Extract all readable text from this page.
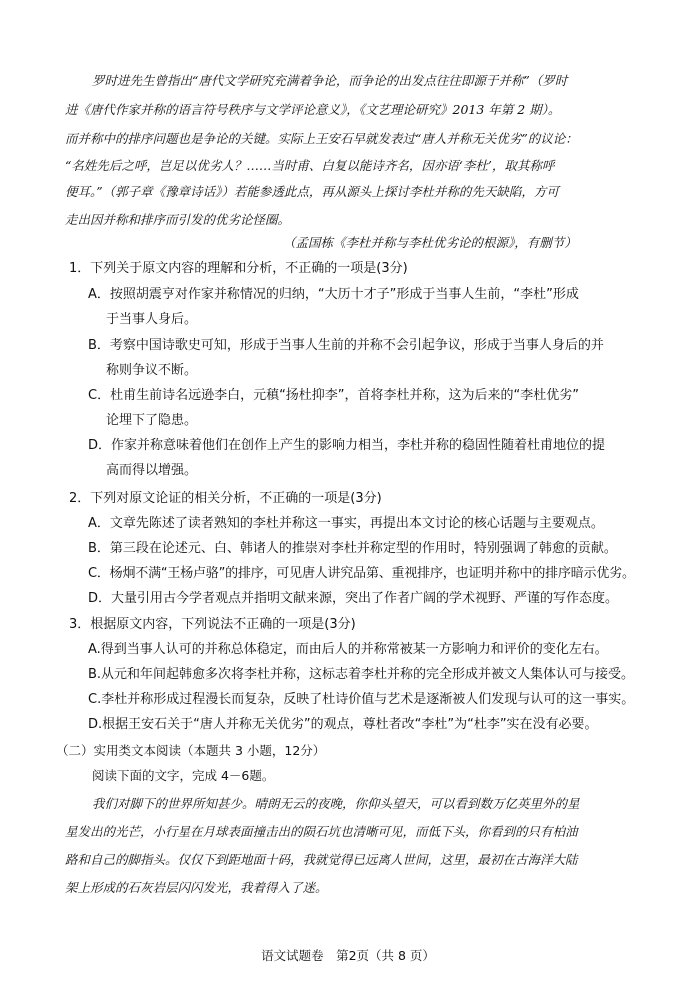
罗时进先生曾指出“唐代文学研究充满着争论，而争论的出发点往往即源于并称”（罗时
进《唐代作家并称的语言符号秩序与文学评论意义》，《文艺理论研究》2013 年第 2 期）。
而并称中的排序问题也是争论的关键。实际上王安石早就发表过“唐人并称无关优劣”的议论：
“名姓先后之呼，岂足以优劣人？……当时甫、白复以能诗齐名，因亦语‘李杜’，取其称呼
便耳。”（郭子章《豫章诗话》）若能参透此点，再从源头上探讨李杜并称的先天缺陷，方可
走出因并称和排序而引发的优劣论怪圈。
（孟国栋《李杜并称与李杜优劣论的根源》，有删节）
1．下列关于原文内容的理解和分析，不正确的一项是(3分)
A．按照胡震亨对作家并称情况的归纳，“大历十才子”形成于当事人生前，“李杜”形成
于当事人身后。
B．考察中国诗歌史可知，形成于当事人生前的并称不会引起争议，形成于当事人身后的并
称则争议不断。
C．杜甫生前诗名远逊李白，元稹“扬杜抑李”，首将李杜并称，这为后来的“李杜优劣”
论埋下了隐患。
D．作家并称意味着他们在创作上产生的影响力相当，李杜并称的稳固性随着杜甫地位的提
高而得以增强。
2．下列对原文论证的相关分析，不正确的一项是(3分)
A．文章先陈述了读者熟知的李杜并称这一事实，再提出本文讨论的核心话题与主要观点。
B．第三段在论述元、白、韩诸人的推崇对李杜并称定型的作用时，特别强调了韩愈的贡献。
C．杨炯不满“王杨卢骆”的排序，可见唐人讲究品第、重视排序，也证明并称中的排序暗示优劣。
D．大量引用古今学者观点并指明文献来源，突出了作者广阔的学术视野、严谨的写作态度。
3．根据原文内容，下列说法不正确的一项是(3分)
A.得到当事人认可的并称总体稳定，而由后人的并称常被某一方影响力和评价的变化左右。
B.从元和年间起韩愈多次将李杜并称，这标志着李杜并称的完全形成并被文人集体认可与接受。
C.李杜并称形成过程漫长而复杂，反映了杜诗价值与艺术是逐渐被人们发现与认可的这一事实。
D.根据王安石关于“唐人并称无关优劣”的观点，尊杜者改“李杜”为“杜李”实在没有必要。
（二）实用类文本阅读（本题共 3 小题，12分）
阅读下面的文字，完成 4－6题。
我们对脚下的世界所知甚少。晴朗无云的夜晚，你仰头望天，可以看到数万亿英里外的星
星发出的光芒，小行星在月球表面撞击出的陨石坑也清晰可见，而低下头，你看到的只有柏油
路和自己的脚指头。仅仅下到距地面十码，我就觉得已远离人世间，这里，最初在古海洋大陆
架上形成的石灰岩层闪闪发光，我着得入了迷。
语文试题卷　第2页（共 8 页）
